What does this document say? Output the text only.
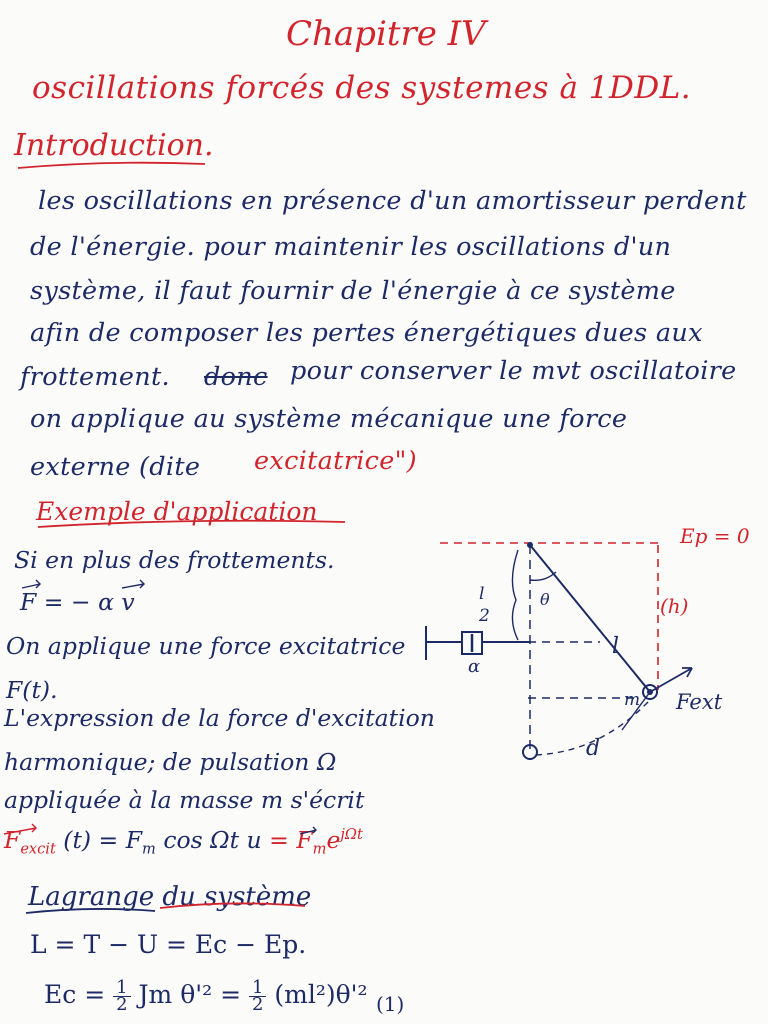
Chapitre IV
oscillations forcés des systemes à 1DDL.
Introduction.
les oscillations en présence d'un amortisseur perdent
de l'énergie. pour maintenir les oscillations d'un
système, il faut fournir de l'énergie à ce système
afin de composer les pertes énergétiques dues aux
frottement. donc pour conserver le mvt oscillatoire
on applique au système mécanique une force
externe (dite excitatrice")
Exemple d'application
Si en plus des frottements.
F = − α v
On applique une force excitatrice
F(t).
L'expression de la force d'excitation
harmonique; de pulsation Ω
appliquée à la masse m s'écrit
$F_{excit}$ $(t) = F_m$ cos Ωt $u = F_me^{j\Omega t}$
Lagrange du système
L = T − U = Ec − Ep.
$Ec = \frac{1}{2}$ Jm $\theta'^2 = \frac{1}{2} (ml^2)\theta'^2$ (1)
Ep = 0
l
2
θ	(h)
l
α
m Fext
d
